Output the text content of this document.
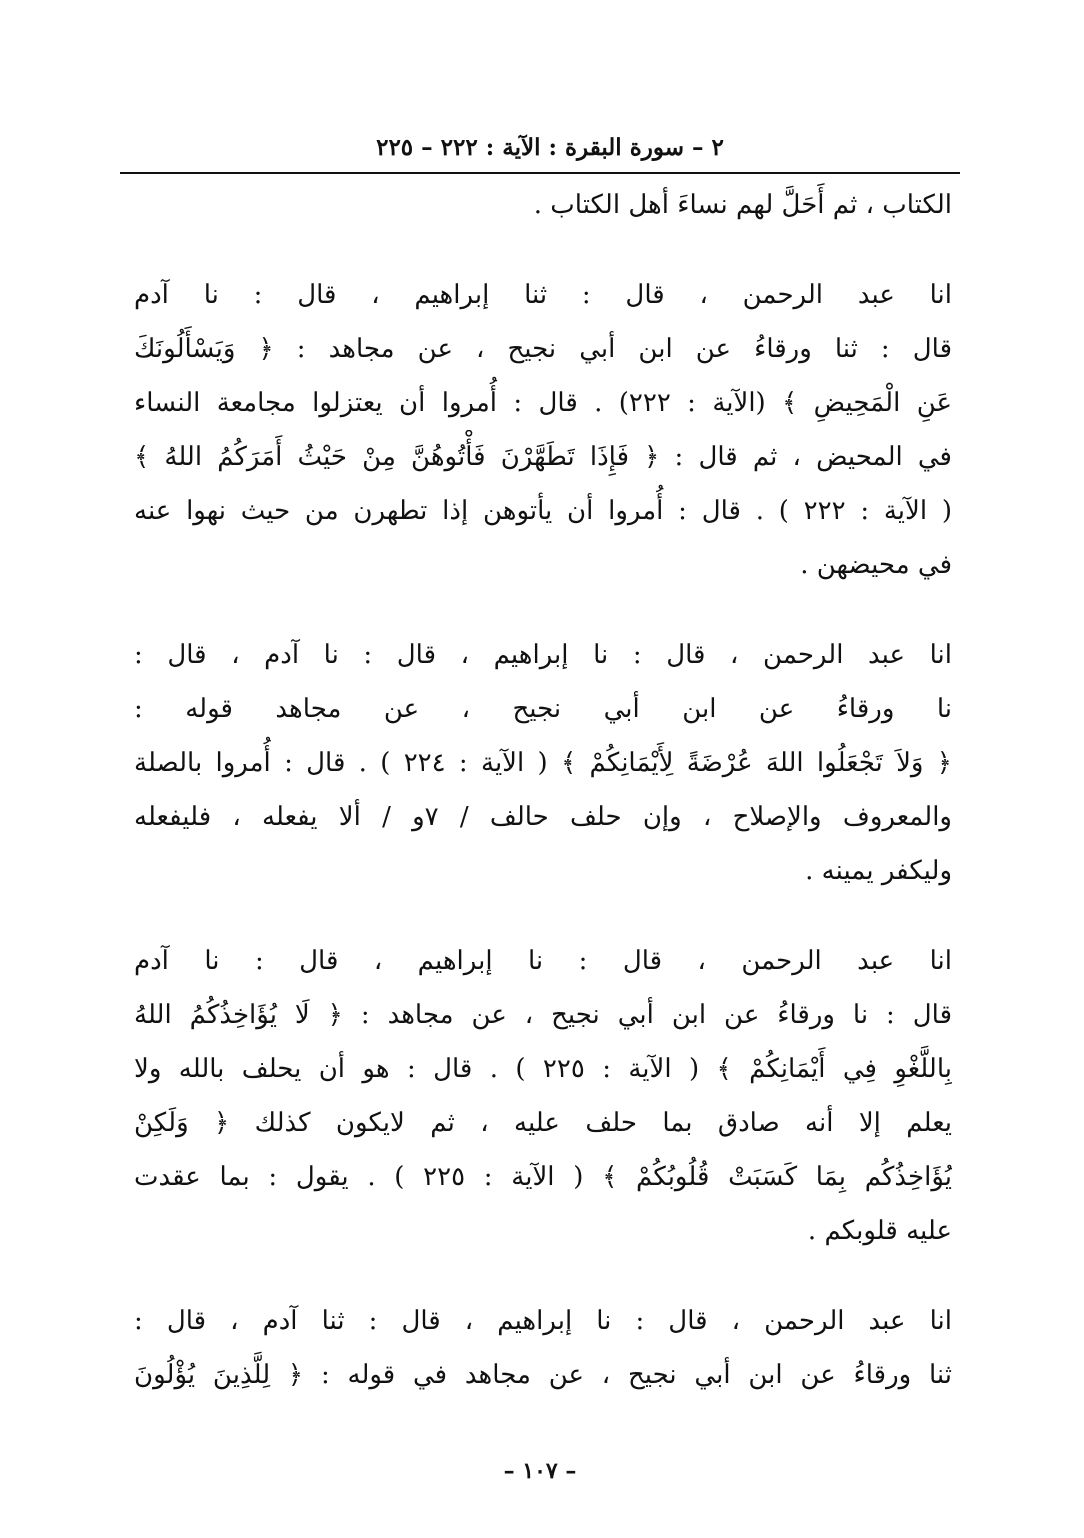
٢ – سورة البقرة : الآية : ٢٢٢ – ٢٢٥
الكتاب ، ثم أَحَلَّ لهم نساءَ أهل الكتاب .
انا عبد الرحمن ، قال : ثنا إبراهيم ، قال : نا آدم
قال : ثنا ورقاءُ عن ابن أبي نجيح ، عن مجاهد : ﴿ وَيَسْأَلُونَكَ
عَنِ الْمَحِيضِ ﴾ (الآية : ٢٢٢) . قال : أُمروا أن يعتزلوا مجامعة النساء
في المحيض ، ثم قال : ﴿ فَإِذَا تَطَهَّرْنَ فَأْتُوهُنَّ مِنْ حَيْثُ أَمَرَكُمُ اللهُ ﴾
( الآية : ٢٢٢ ) . قال : أُمروا أن يأتوهن إذا تطهرن من حيث نهوا عنه
في محيضهن .
انا عبد الرحمن ، قال : نا إبراهيم ، قال : نا آدم ، قال :
نا ورقاءُ عن ابن أبي نجيح ، عن مجاهد قوله :
﴿ وَلاَ تَجْعَلُوا اللهَ عُرْضَةً لِأَيْمَانِكُمْ ﴾ ( الآية : ٢٢٤ ) . قال : أُمروا بالصلة
والمعروف والإصلاح ، وإن حلف حالف / ٧و / ألا يفعله ، فليفعله
وليكفر يمينه .
انا عبد الرحمن ، قال : نا إبراهيم ، قال : نا آدم
قال : نا ورقاءُ عن ابن أبي نجيح ، عن مجاهد : ﴿ لَا يُؤَاخِذُكُمُ اللهُ
بِاللَّغْوِ فِي أَيْمَانِكُمْ ﴾ ( الآية : ٢٢٥ ) . قال : هو أن يحلف بالله ولا
يعلم إلا أنه صادق بما حلف عليه ، ثم لايكون كذلك ﴿ وَلَكِنْ
يُؤَاخِذُكُم بِمَا كَسَبَتْ قُلُوبُكُمْ ﴾ ( الآية : ٢٢٥ ) . يقول : بما عقدت
عليه قلوبكم .
انا عبد الرحمن ، قال : نا إبراهيم ، قال : ثنا آدم ، قال :
ثنا ورقاءُ عن ابن أبي نجيح ، عن مجاهد في قوله : ﴿ لِلَّذِينَ يُؤْلُونَ
– ١٠٧ –
